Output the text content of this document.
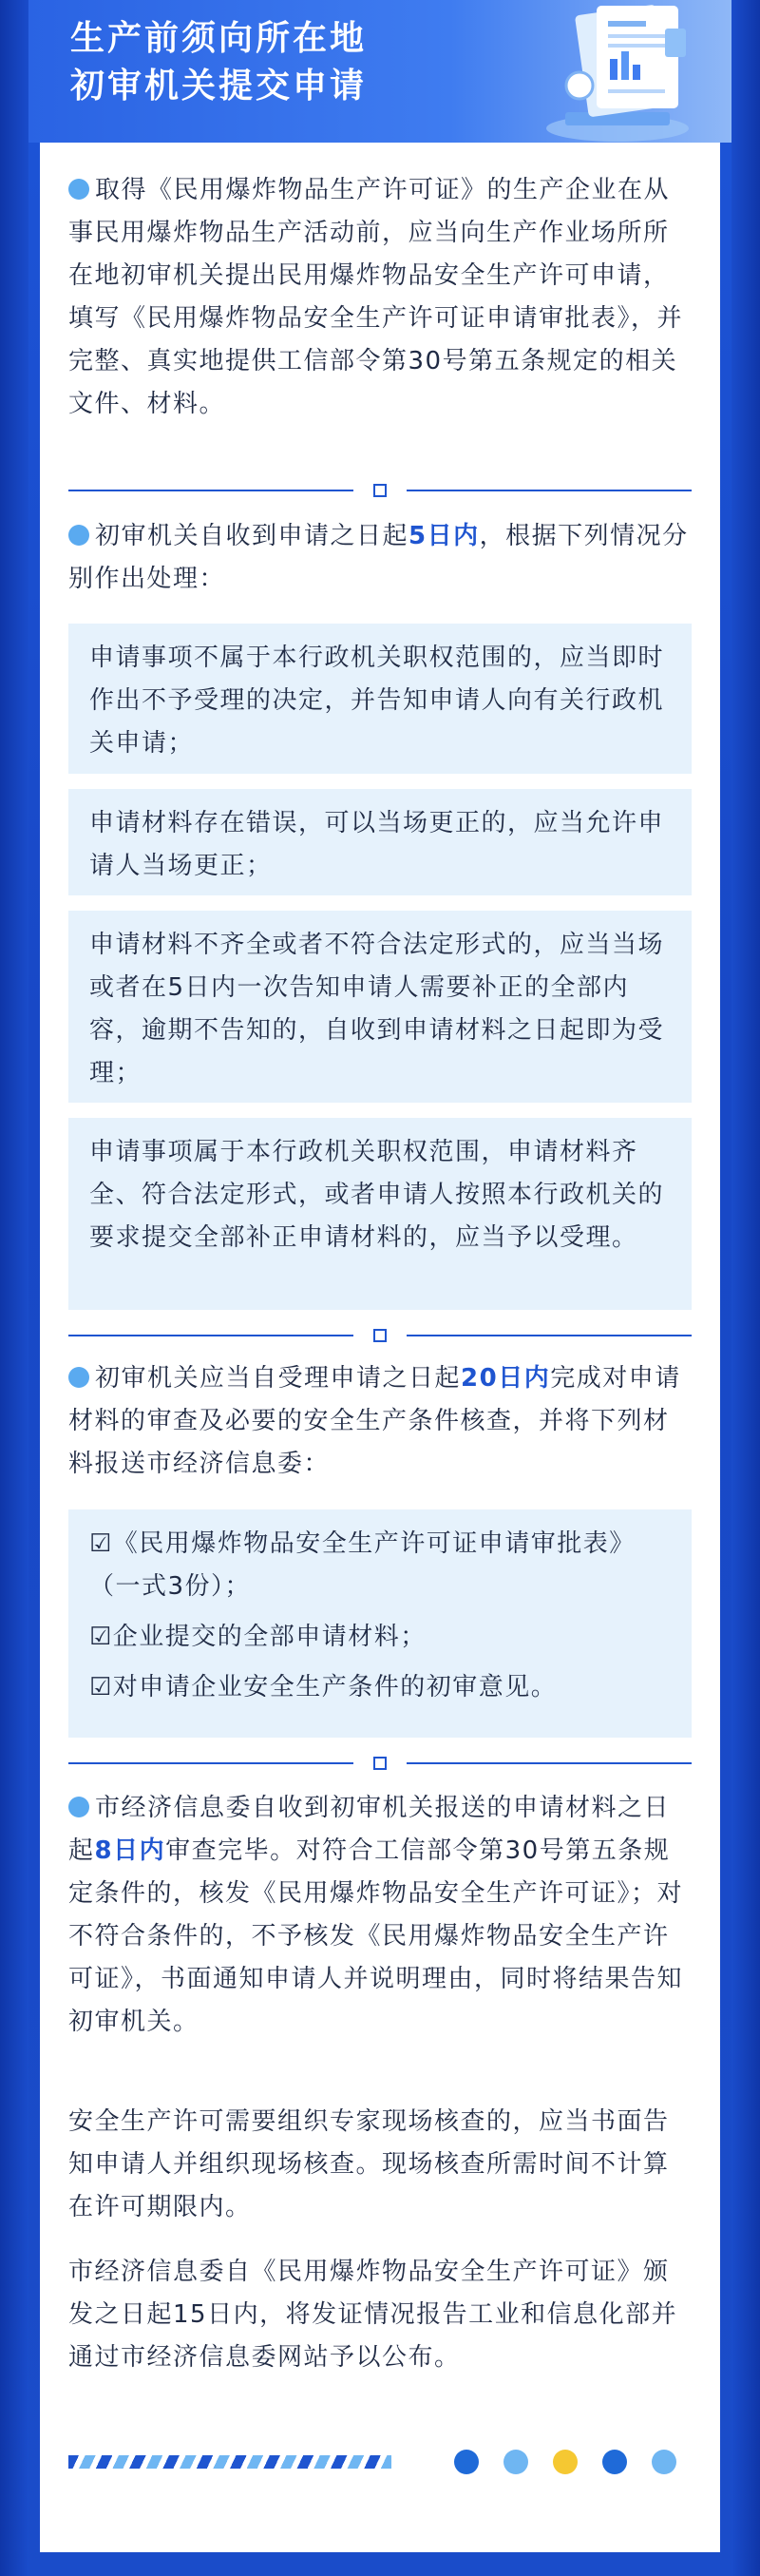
生产前须向所在地
初审机关提交申请
取得《民用爆炸物品生产许可证》的生产企业在从事民用爆炸物品生产活动前，应当向生产作业场所所在地初审机关提出民用爆炸物品安全生产许可申请，填写《民用爆炸物品安全生产许可证申请审批表》，并完整、真实地提供工信部令第30号第五条规定的相关文件、材料。
初审机关自收到申请之日起5日内，根据下列情况分别作出处理：
申请事项不属于本行政机关职权范围的，应当即时作出不予受理的决定，并告知申请人向有关行政机关申请；
申请材料存在错误，可以当场更正的，应当允许申请人当场更正；
申请材料不齐全或者不符合法定形式的，应当当场或者在5日内一次告知申请人需要补正的全部内容，逾期不告知的，自收到申请材料之日起即为受理；
申请事项属于本行政机关职权范围，申请材料齐全、符合法定形式，或者申请人按照本行政机关的要求提交全部补正申请材料的，应当予以受理。
初审机关应当自受理申请之日起20日内完成对申请材料的审查及必要的安全生产条件核查，并将下列材料报送市经济信息委：
☑《民用爆炸物品安全生产许可证申请审批表》（一式3份）；
☑企业提交的全部申请材料；
☑对申请企业安全生产条件的初审意见。
市经济信息委自收到初审机关报送的申请材料之日起8日内审查完毕。对符合工信部令第30号第五条规定条件的，核发《民用爆炸物品安全生产许可证》；对不符合条件的，不予核发《民用爆炸物品安全生产许可证》，书面通知申请人并说明理由，同时将结果告知初审机关。
安全生产许可需要组织专家现场核查的，应当书面告知申请人并组织现场核查。现场核查所需时间不计算在许可期限内。
市经济信息委自《民用爆炸物品安全生产许可证》颁发之日起15日内，将发证情况报告工业和信息化部并通过市经济信息委网站予以公布。
